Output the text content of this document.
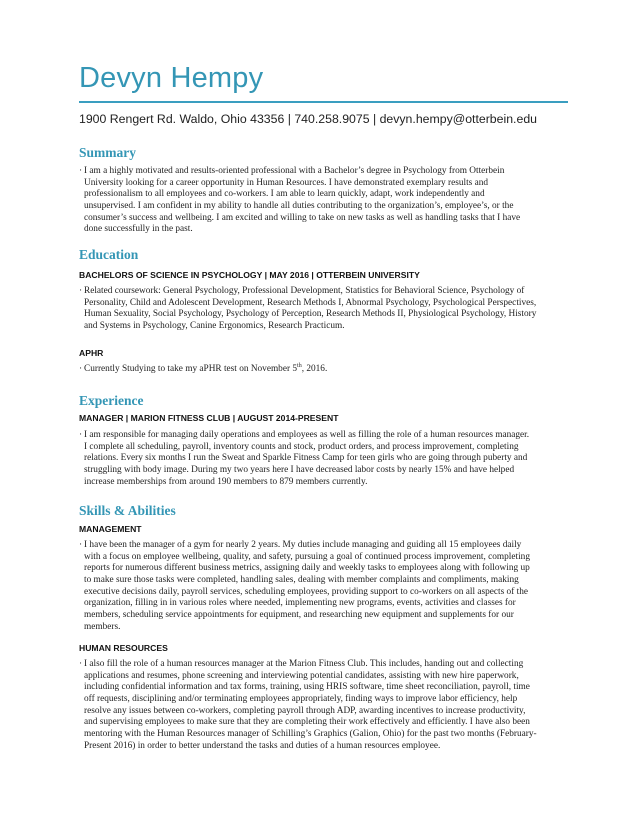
Devyn Hempy
1900 Rengert Rd. Waldo, Ohio 43356 | 740.258.9075 | devyn.hempy@otterbein.edu
Summary
· I am a highly motivated and results-oriented professional with a Bachelor’s degree in Psychology from Otterbein
University looking for a career opportunity in Human Resources. I have demonstrated exemplary results and
professionalism to all employees and co-workers. I am able to learn quickly, adapt, work independently and
unsupervised. I am confident in my ability to handle all duties contributing to the organization’s, employee’s, or the
consumer’s success and wellbeing. I am excited and willing to take on new tasks as well as handling tasks that I have
done successfully in the past.
Education
BACHELORS OF SCIENCE IN PSYCHOLOGY | MAY 2016 | OTTERBEIN UNIVERSITY
· Related coursework: General Psychology, Professional Development, Statistics for Behavioral Science, Psychology of
Personality, Child and Adolescent Development, Research Methods I, Abnormal Psychology, Psychological Perspectives,
Human Sexuality, Social Psychology, Psychology of Perception, Research Methods II, Physiological Psychology, History
and Systems in Psychology, Canine Ergonomics, Research Practicum.
APHR
· Currently Studying to take my aPHR test on November 5th, 2016.
Experience
MANAGER | MARION FITNESS CLUB | AUGUST 2014-PRESENT
· I am responsible for managing daily operations and employees as well as filling the role of a human resources manager.
I complete all scheduling, payroll, inventory counts and stock, product orders, and process improvement, completing
relations. Every six months I run the Sweat and Sparkle Fitness Camp for teen girls who are going through puberty and
struggling with body image. During my two years here I have decreased labor costs by nearly 15% and have helped
increase memberships from around 190 members to 879 members currently.
Skills & Abilities
MANAGEMENT
· I have been the manager of a gym for nearly 2 years. My duties include managing and guiding all 15 employees daily
with a focus on employee wellbeing, quality, and safety, pursuing a goal of continued process improvement, completing
reports for numerous different business metrics, assigning daily and weekly tasks to employees along with following up
to make sure those tasks were completed, handling sales, dealing with member complaints and compliments, making
executive decisions daily, payroll services, scheduling employees, providing support to co-workers on all aspects of the
organization, filling in in various roles where needed, implementing new programs, events, activities and classes for
members, scheduling service appointments for equipment, and researching new equipment and supplements for our
members.
HUMAN RESOURCES
· I also fill the role of a human resources manager at the Marion Fitness Club. This includes, handing out and collecting
applications and resumes, phone screening and interviewing potential candidates, assisting with new hire paperwork,
including confidential information and tax forms, training, using HRIS software, time sheet reconciliation, payroll, time
off requests, disciplining and/or terminating employees appropriately, finding ways to improve labor efficiency, help
resolve any issues between co-workers, completing payroll through ADP, awarding incentives to increase productivity,
and supervising employees to make sure that they are completing their work effectively and efficiently. I have also been
mentoring with the Human Resources manager of Schilling’s Graphics (Galion, Ohio) for the past two months (February-
Present 2016) in order to better understand the tasks and duties of a human resources employee.
